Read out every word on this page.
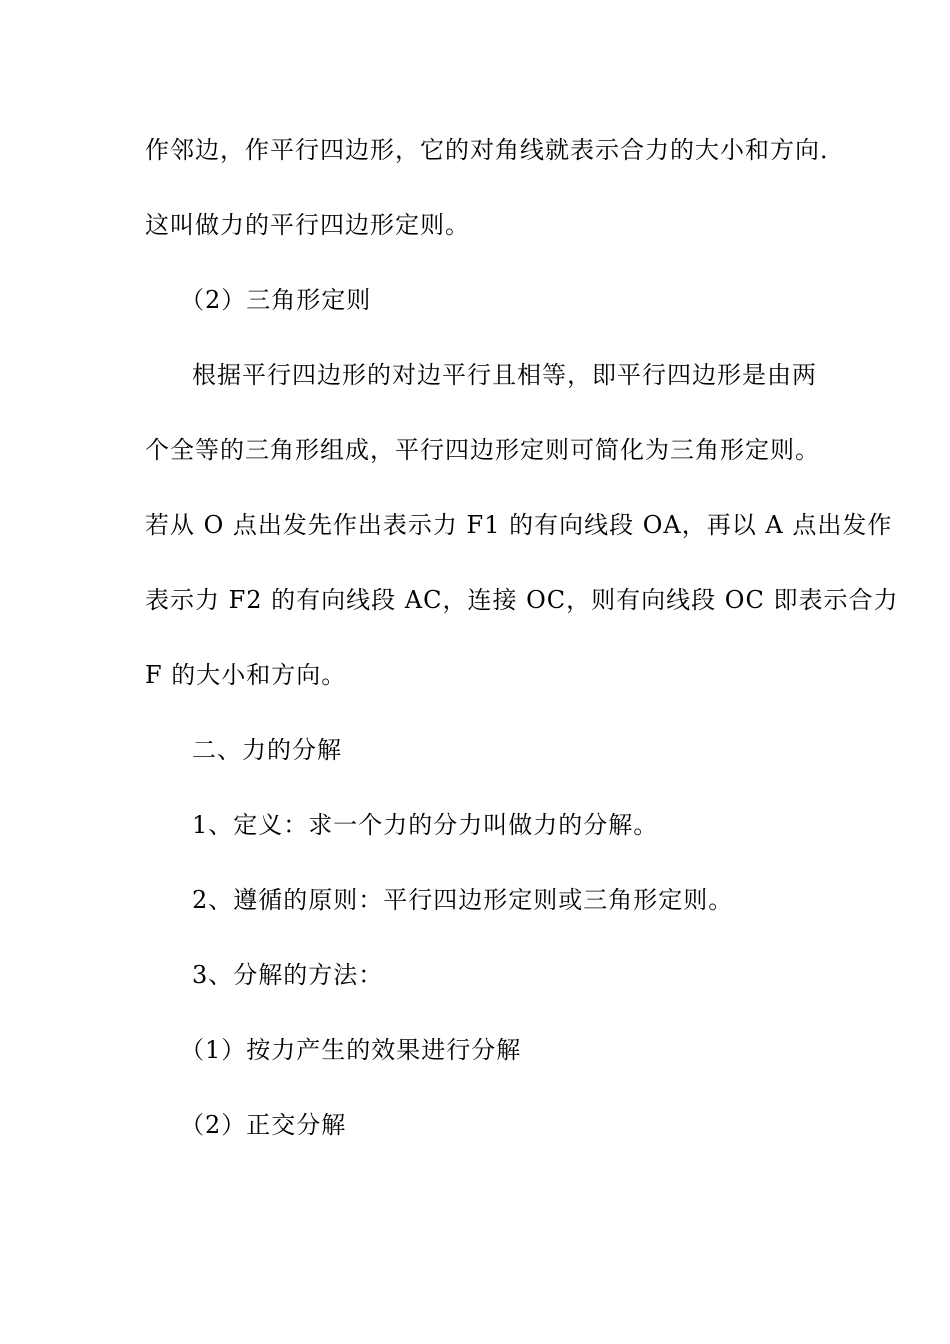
作邻边，作平行四边形，它的对角线就表示合力的大小和方向．
这叫做力的平行四边形定则。
（2）三角形定则
根据平行四边形的对边平行且相等，即平行四边形是由两
个全等的三角形组成，平行四边形定则可简化为三角形定则。
若从 O 点出发先作出表示力 F1 的有向线段 OA，再以 A 点出发作
表示力 F2 的有向线段 AC，连接 OC，则有向线段 OC 即表示合力
F 的大小和方向。
二、力的分解
1、定义：求一个力的分力叫做力的分解。
2、遵循的原则：平行四边形定则或三角形定则。
3、分解的方法：
（1）按力产生的效果进行分解
（2）正交分解
